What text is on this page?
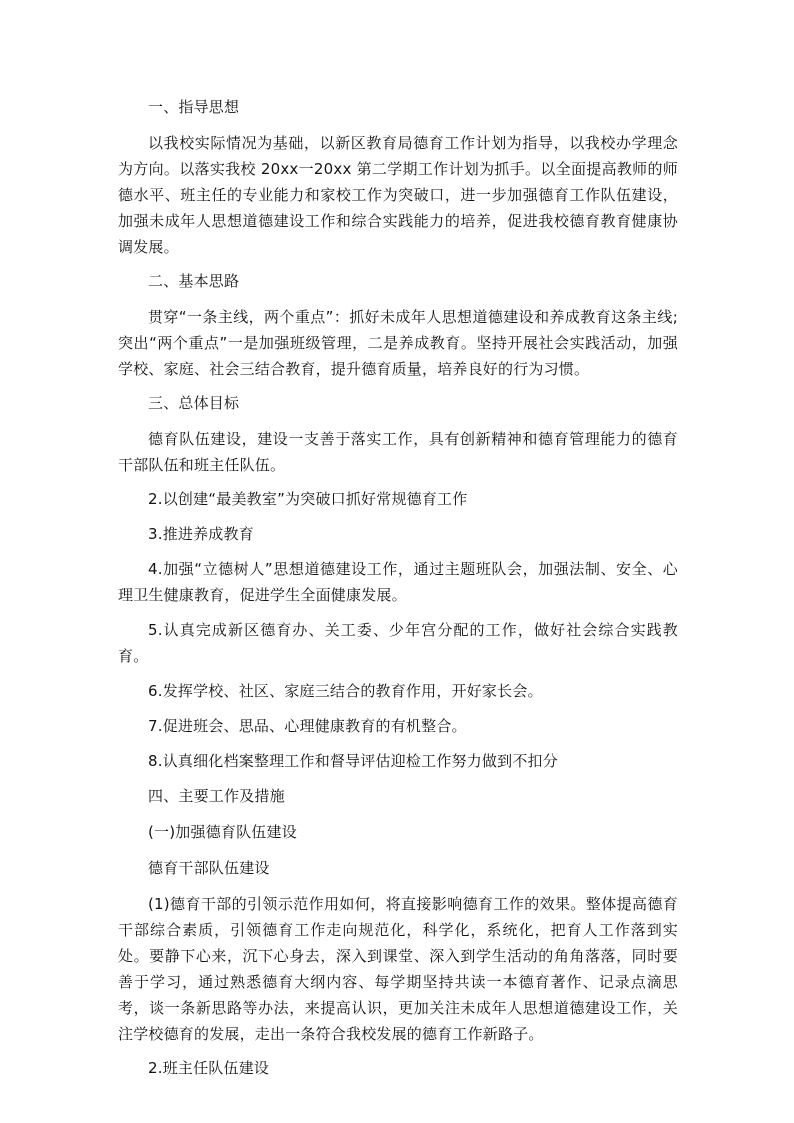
一、指导思想

以我校实际情况为基础，以新区教育局德育工作计划为指导，以我校办学理念为方向。以落实我校 20xx一20xx 第二学期工作计划为抓手。以全面提高教师的师德水平、班主任的专业能力和家校工作为突破口，进一步加强德育工作队伍建设，加强未成年人思想道德建设工作和综合实践能力的培养，促进我校德育教育健康协调发展。

二、基本思路

贯穿“一条主线，两个重点”：抓好未成年人思想道德建设和养成教育这条主线;突出“两个重点”一是加强班级管理，二是养成教育。坚持开展社会实践活动，加强学校、家庭、社会三结合教育，提升德育质量，培养良好的行为习惯。

三、总体目标

德育队伍建设，建设一支善于落实工作，具有创新精神和德育管理能力的德育干部队伍和班主任队伍。

2.以创建“最美教室”为突破口抓好常规德育工作

3.推进养成教育

4.加强“立德树人”思想道德建设工作，通过主题班队会，加强法制、安全、心理卫生健康教育，促进学生全面健康发展。

5.认真完成新区德育办、关工委、少年宫分配的工作，做好社会综合实践教育。

6.发挥学校、社区、家庭三结合的教育作用，开好家长会。

7.促进班会、思品、心理健康教育的有机整合。

8.认真细化档案整理工作和督导评估迎检工作努力做到不扣分

四、主要工作及措施

(一)加强德育队伍建设

德育干部队伍建设

(1)德育干部的引领示范作用如何，将直接影响德育工作的效果。整体提高德育干部综合素质，引领德育工作走向规范化，科学化，系统化，把育人工作落到实处。要静下心来，沉下心身去，深入到课堂、深入到学生活动的角角落落，同时要善于学习，通过熟悉德育大纲内容、每学期坚持共读一本德育著作、记录点滴思考，谈一条新思路等办法，来提高认识，更加关注未成年人思想道德建设工作，关注学校德育的发展，走出一条符合我校发展的德育工作新路子。

2.班主任队伍建设
